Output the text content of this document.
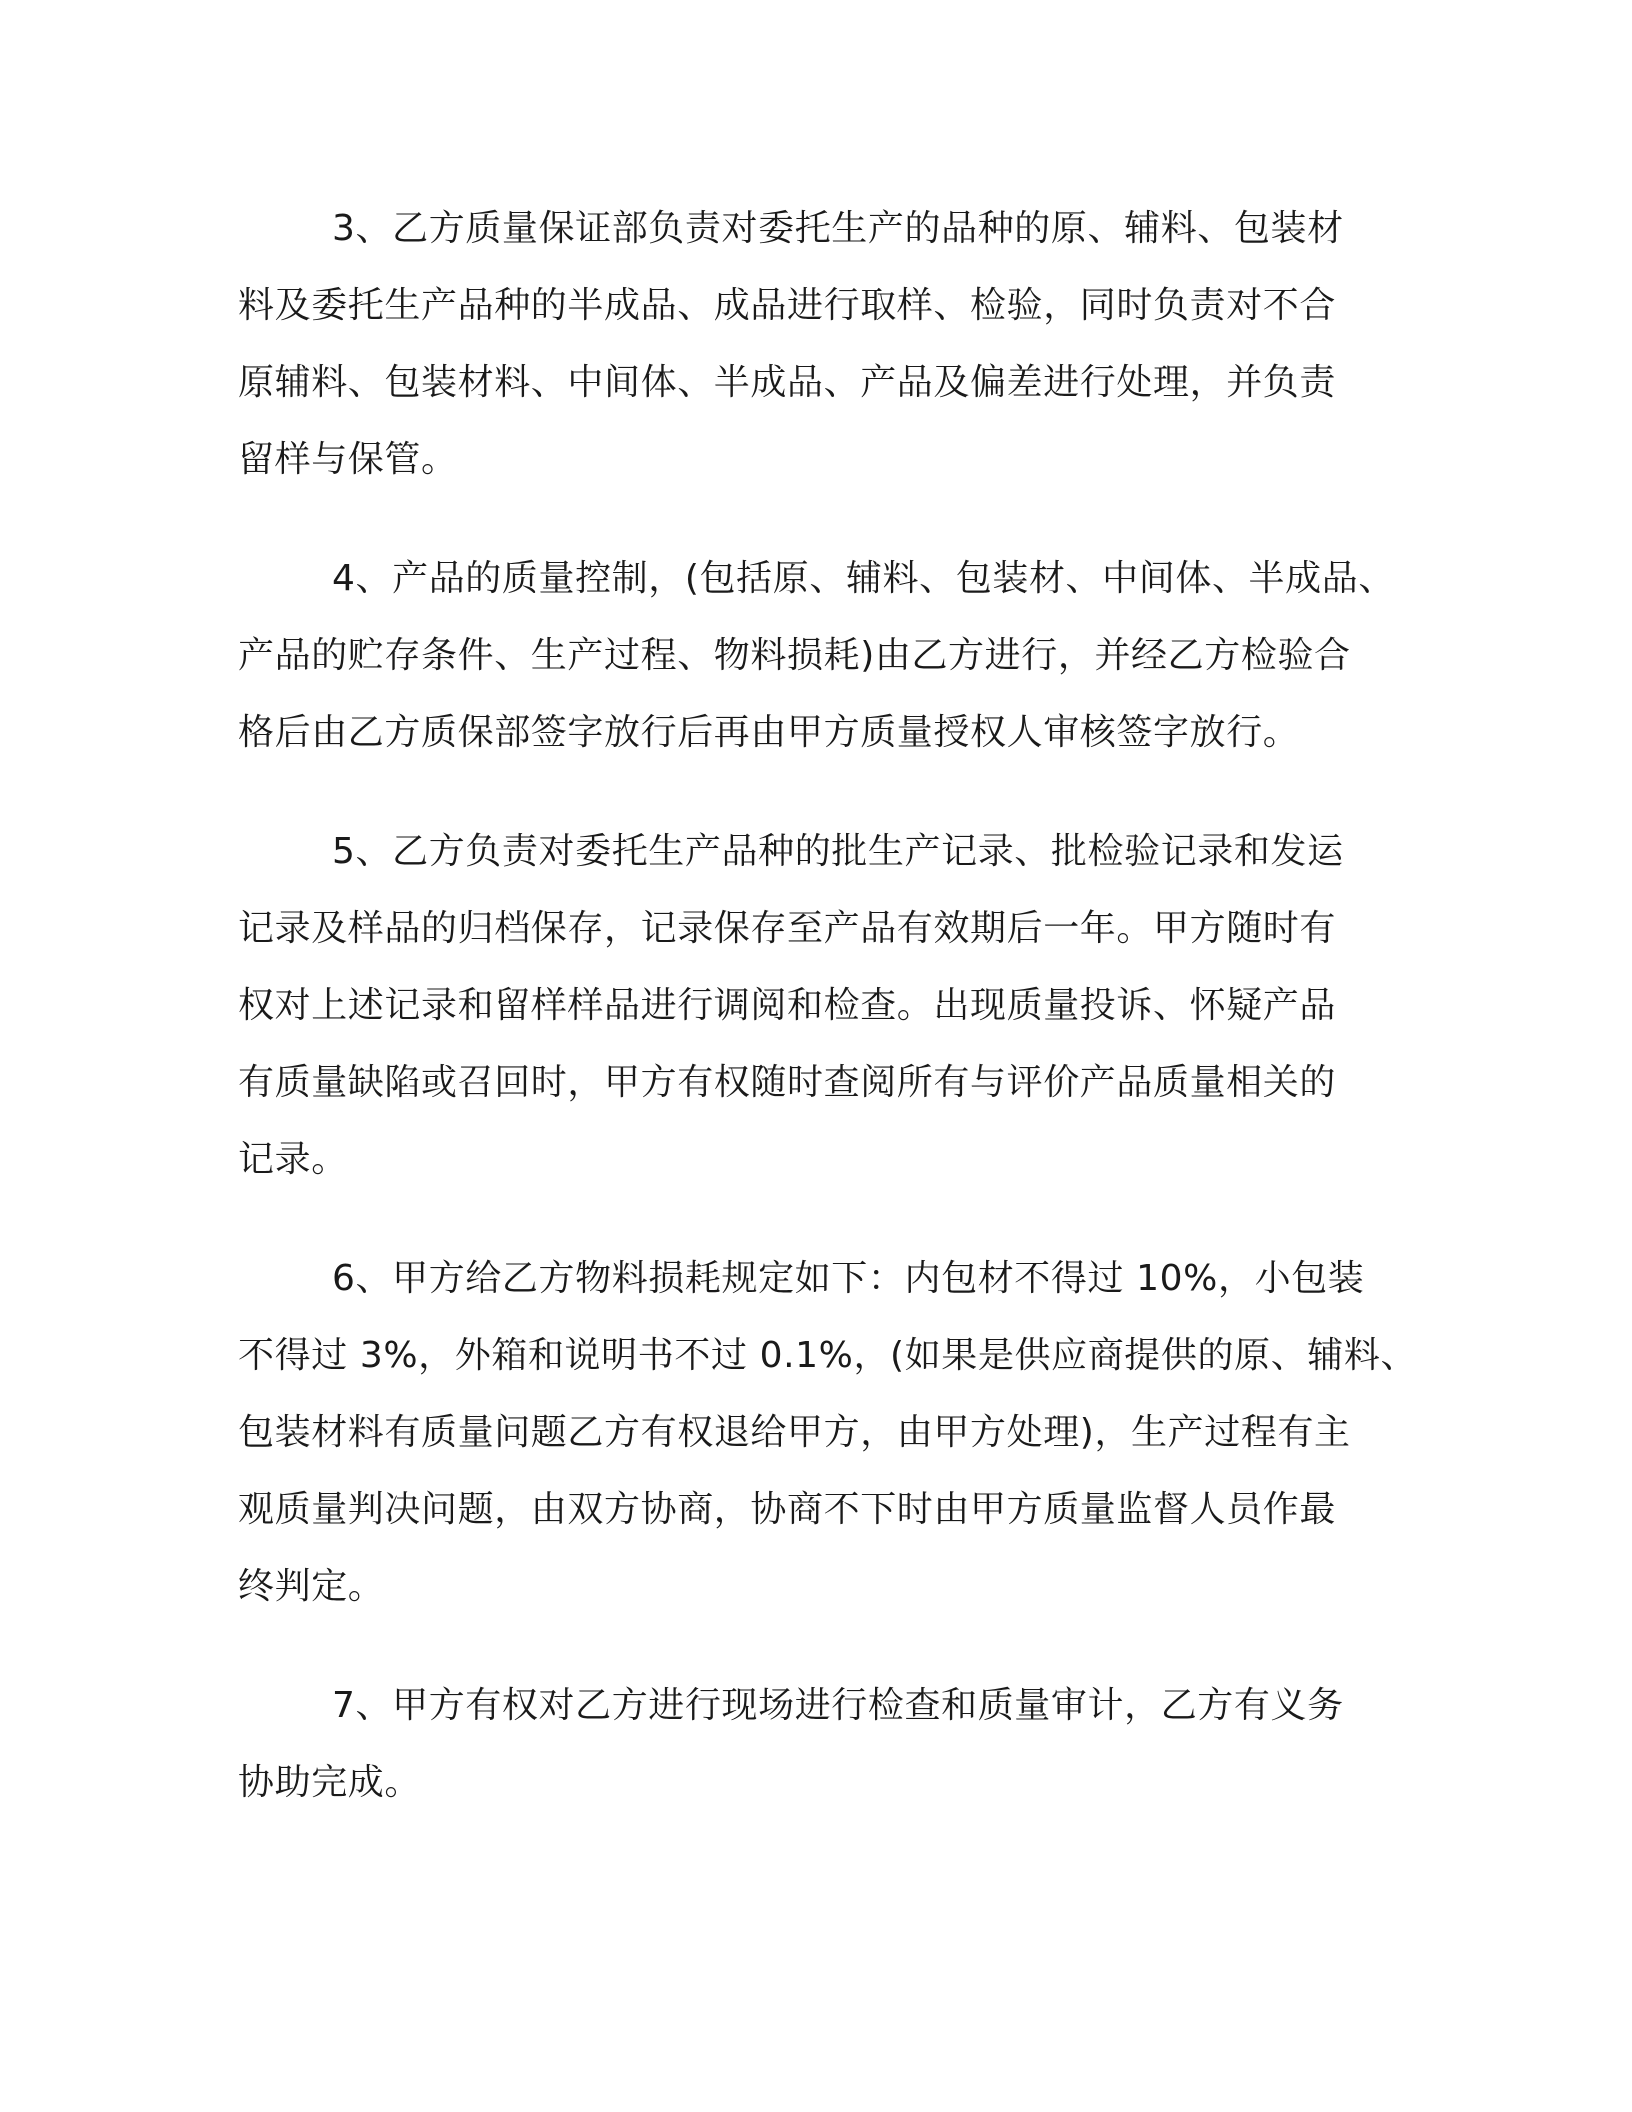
3、乙方质量保证部负责对委托生产的品种的原、辅料、包装材
料及委托生产品种的半成品、成品进行取样、检验，同时负责对不合
原辅料、包装材料、中间体、半成品、产品及偏差进行处理，并负责
留样与保管。

4、产品的质量控制，(包括原、辅料、包装材、中间体、半成品、
产品的贮存条件、生产过程、物料损耗)由乙方进行，并经乙方检验合
格后由乙方质保部签字放行后再由甲方质量授权人审核签字放行。

5、乙方负责对委托生产品种的批生产记录、批检验记录和发运
记录及样品的归档保存，记录保存至产品有效期后一年。甲方随时有
权对上述记录和留样样品进行调阅和检查。出现质量投诉、怀疑产品
有质量缺陷或召回时，甲方有权随时查阅所有与评价产品质量相关的
记录。

6、甲方给乙方物料损耗规定如下：内包材不得过 10%，小包装
不得过 3%，外箱和说明书不过 0.1%，(如果是供应商提供的原、辅料、
包装材料有质量问题乙方有权退给甲方，由甲方处理)，生产过程有主
观质量判决问题，由双方协商，协商不下时由甲方质量监督人员作最
终判定。

7、甲方有权对乙方进行现场进行检查和质量审计，乙方有义务
协助完成。
